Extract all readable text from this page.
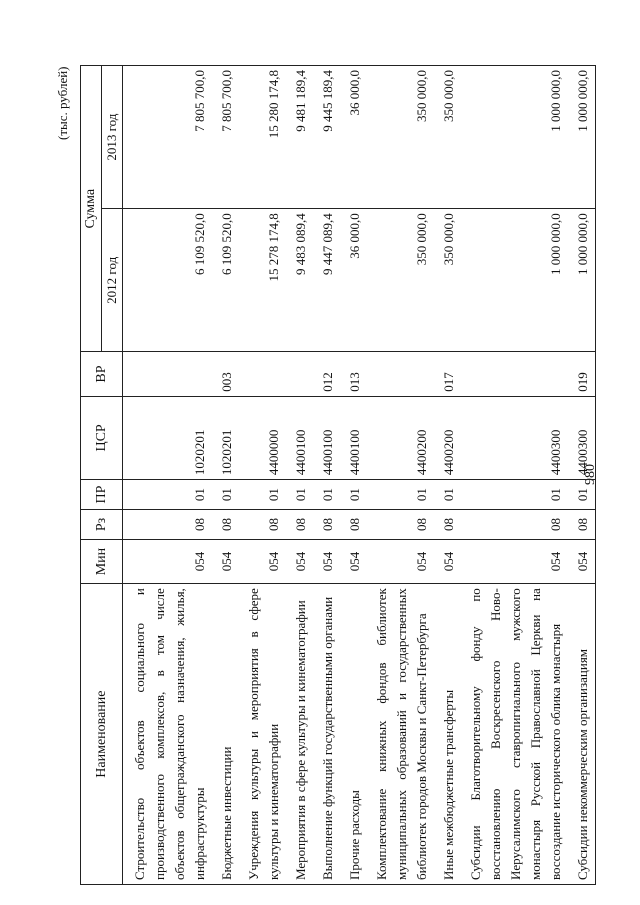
980
(тыс. рублей)
Наименование	Мин	Рз	ПР	ЦСР	ВР	Сумма	
						2012 год	2013 год
Строительство объектов социального и производственного комплексов, в том числе объектов общегражданского назначения, жилья, инфраструктуры	054	08	01	1020201		6 109 520,0	7 805 700,0
Бюджетные инвестиции	054	08	01	1020201	003	6 109 520,0	7 805 700,0
Учреждения культуры и мероприятия в сфере культуры и кинематографии	054	08	01	4400000		15 278 174,8	15 280 174,8
Мероприятия в сфере культуры и кинематографии	054	08	01	4400100		9 483 089,4	9 481 189,4
Выполнение функций государственными органами	054	08	01	4400100	012	9 447 089,4	9 445 189,4
Прочие расходы	054	08	01	4400100	013	36 000,0	36 000,0
Комплектование книжных фондов библиотек муниципальных образований и государственных библиотек городов Москвы и Санкт-Петербурга	054	08	01	4400200		350 000,0	350 000,0
Иные межбюджетные трансферты	054	08	01	4400200	017	350 000,0	350 000,0
Субсидии Благотворительному фонду по восстановлению Воскресенского Ново-Иерусалимского ставропигиального мужского монастыря Русской Православной Церкви на воссоздание исторического облика монастыря	054	08	01	4400300		1 000 000,0	1 000 000,0
Субсидии некоммерческим организациям	054	08	01	4400300	019	1 000 000,0	1 000 000,0
